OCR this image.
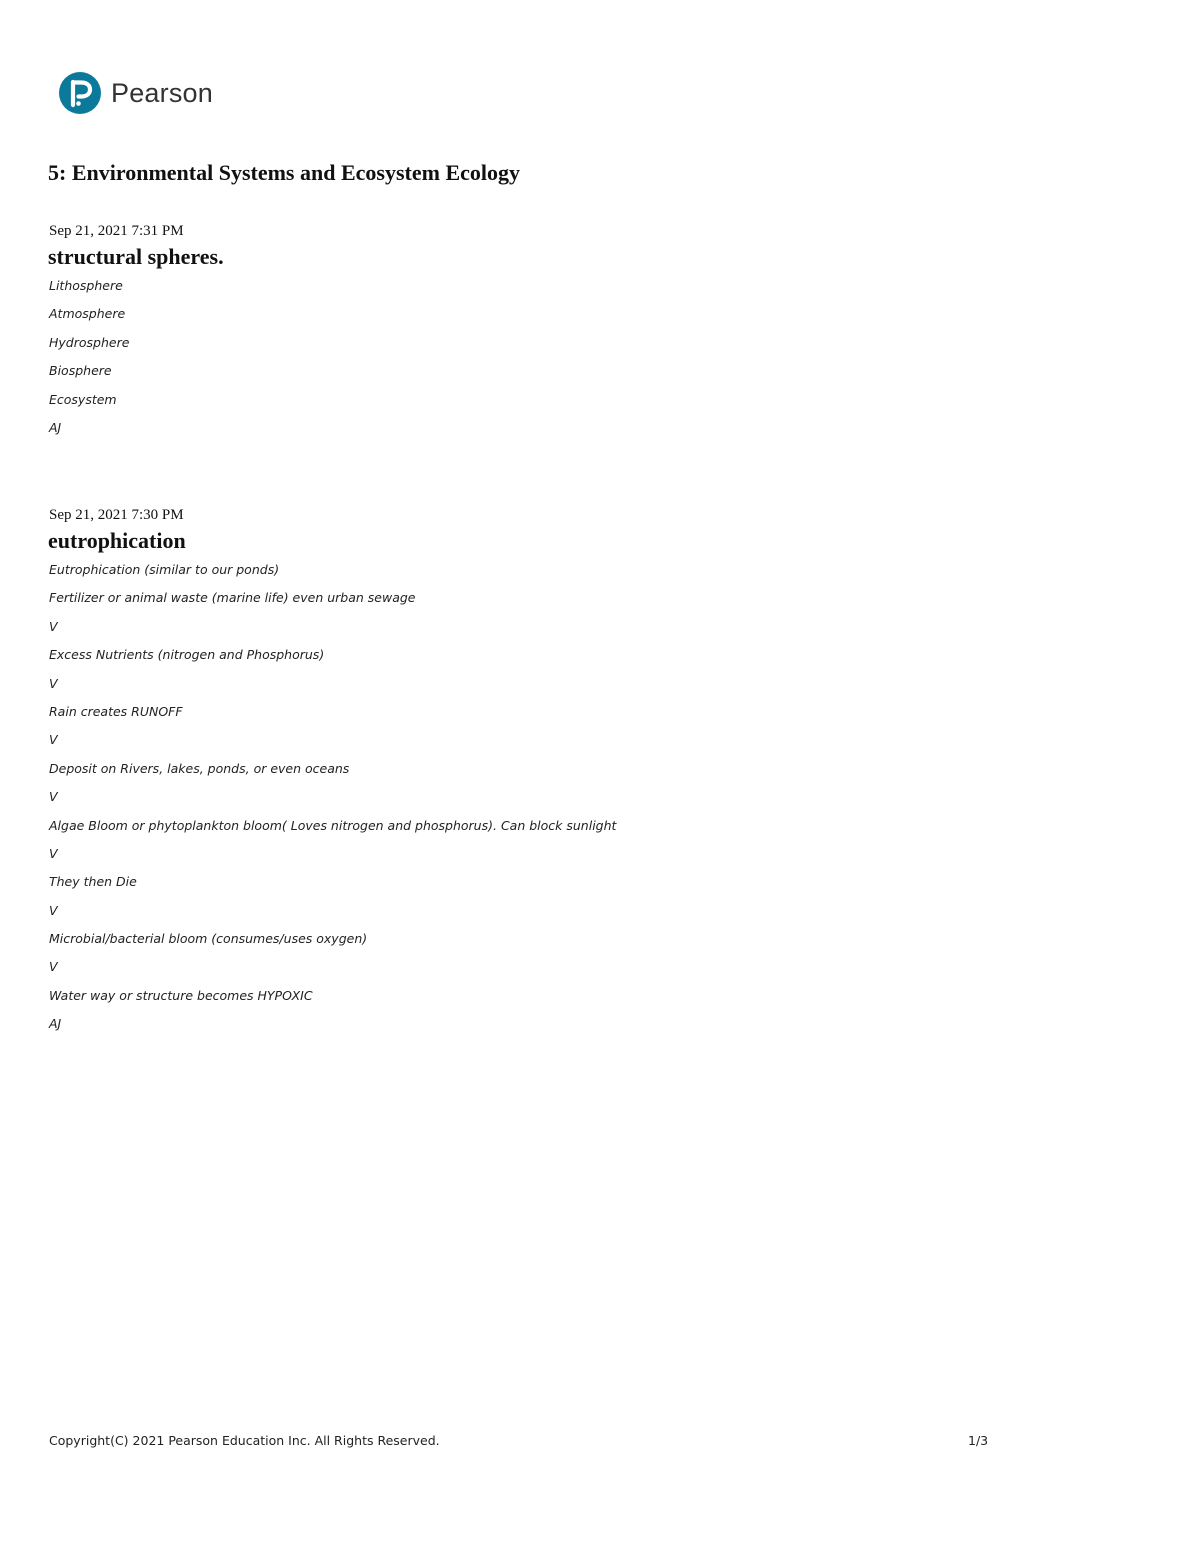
Pearson
5: Environmental Systems and Ecosystem Ecology
Sep 21, 2021 7:31 PM
structural spheres.
Lithosphere
Atmosphere
Hydrosphere
Biosphere
Ecosystem
AJ
Sep 21, 2021 7:30 PM
eutrophication
Eutrophication (similar to our ponds)
Fertilizer or animal waste (marine life) even urban sewage
V
Excess Nutrients (nitrogen and Phosphorus)
V
Rain creates RUNOFF
V
Deposit on Rivers, lakes, ponds, or even oceans
V
Algae Bloom or phytoplankton bloom( Loves nitrogen and phosphorus). Can block sunlight
V
They then Die
V
Microbial/bacterial bloom (consumes/uses oxygen)
V
Water way or structure becomes HYPOXIC
AJ
Copyright(C) 2021 Pearson Education Inc. All Rights Reserved.	1/3
